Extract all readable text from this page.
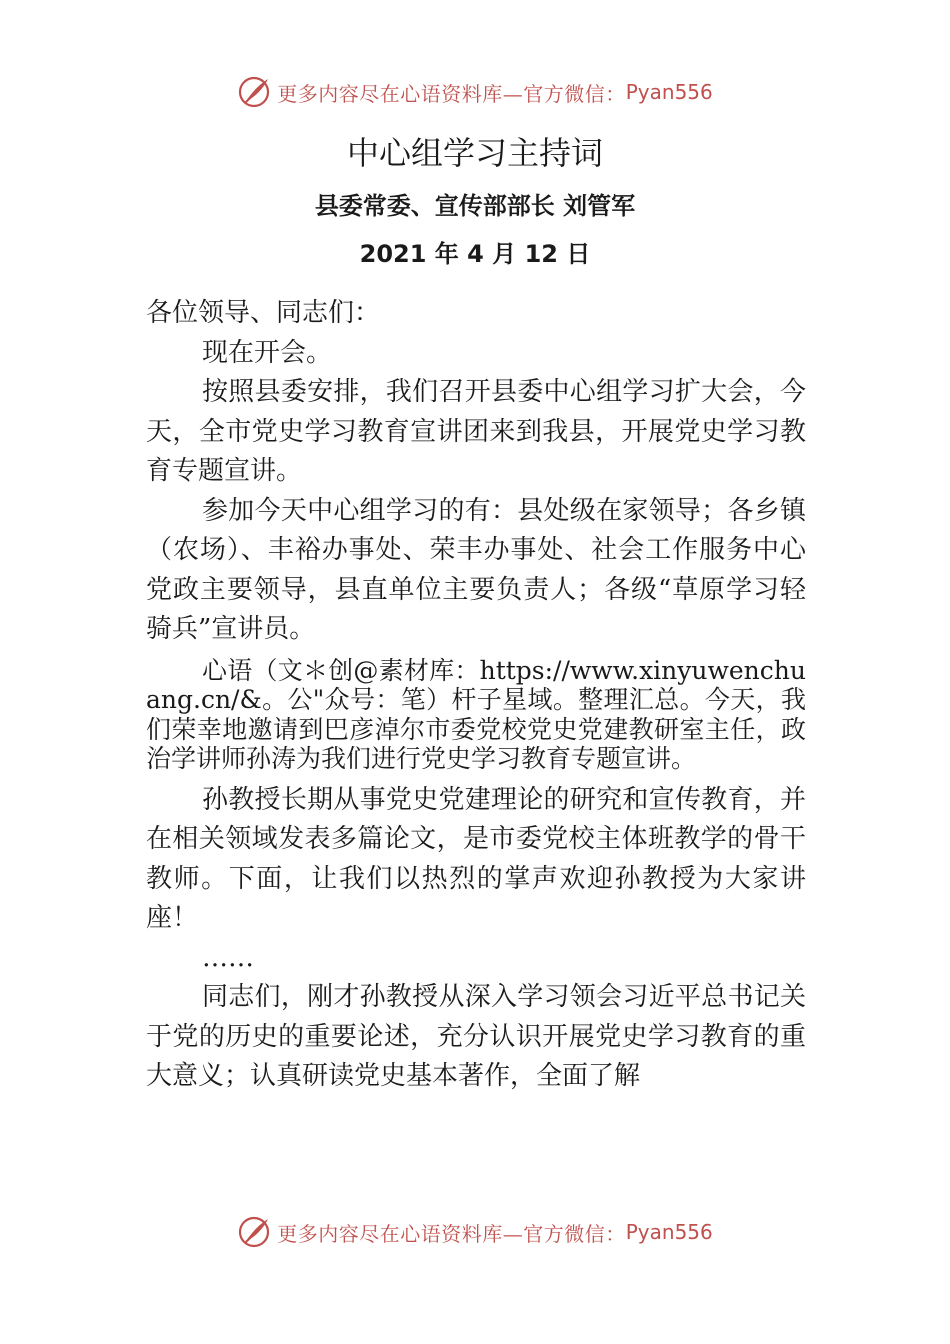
更多内容尽在心语资料库—官方微信： Pyan556
中心组学习主持词
县委常委、宣传部部长 刘管军
2021 年 4 月 12 日

各位领导、同志们：

现在开会。

按照县委安排，我们召开县委中心组学习扩大会，今天，全市党史学习教育宣讲团来到我县，开展党史学习教育专题宣讲。

参加今天中心组学习的有：县处级在家领导；各乡镇（农场）、丰裕办事处、荣丰办事处、社会工作服务中心党政主要领导，县直单位主要负责人；各级“草原学习轻骑兵”宣讲员。

心语（文＊创@素材库：https://www.xinyuwenchuang.cn/&。公"众号：笔）杆子星域。整理汇总。今天，我们荣幸地邀请到巴彦淖尔市委党校党史党建教研室主任，政治学讲师孙涛为我们进行党史学习教育专题宣讲。

孙教授长期从事党史党建理论的研究和宣传教育，并在相关领域发表多篇论文，是市委党校主体班教学的骨干教师。下面，让我们以热烈的掌声欢迎孙教授为大家讲座！

……

同志们，刚才孙教授从深入学习领会习近平总书记关于党的历史的重要论述，充分认识开展党史学习教育的重大意义；认真研读党史基本著作，全面了解

更多内容尽在心语资料库—官方微信： Pyan556
